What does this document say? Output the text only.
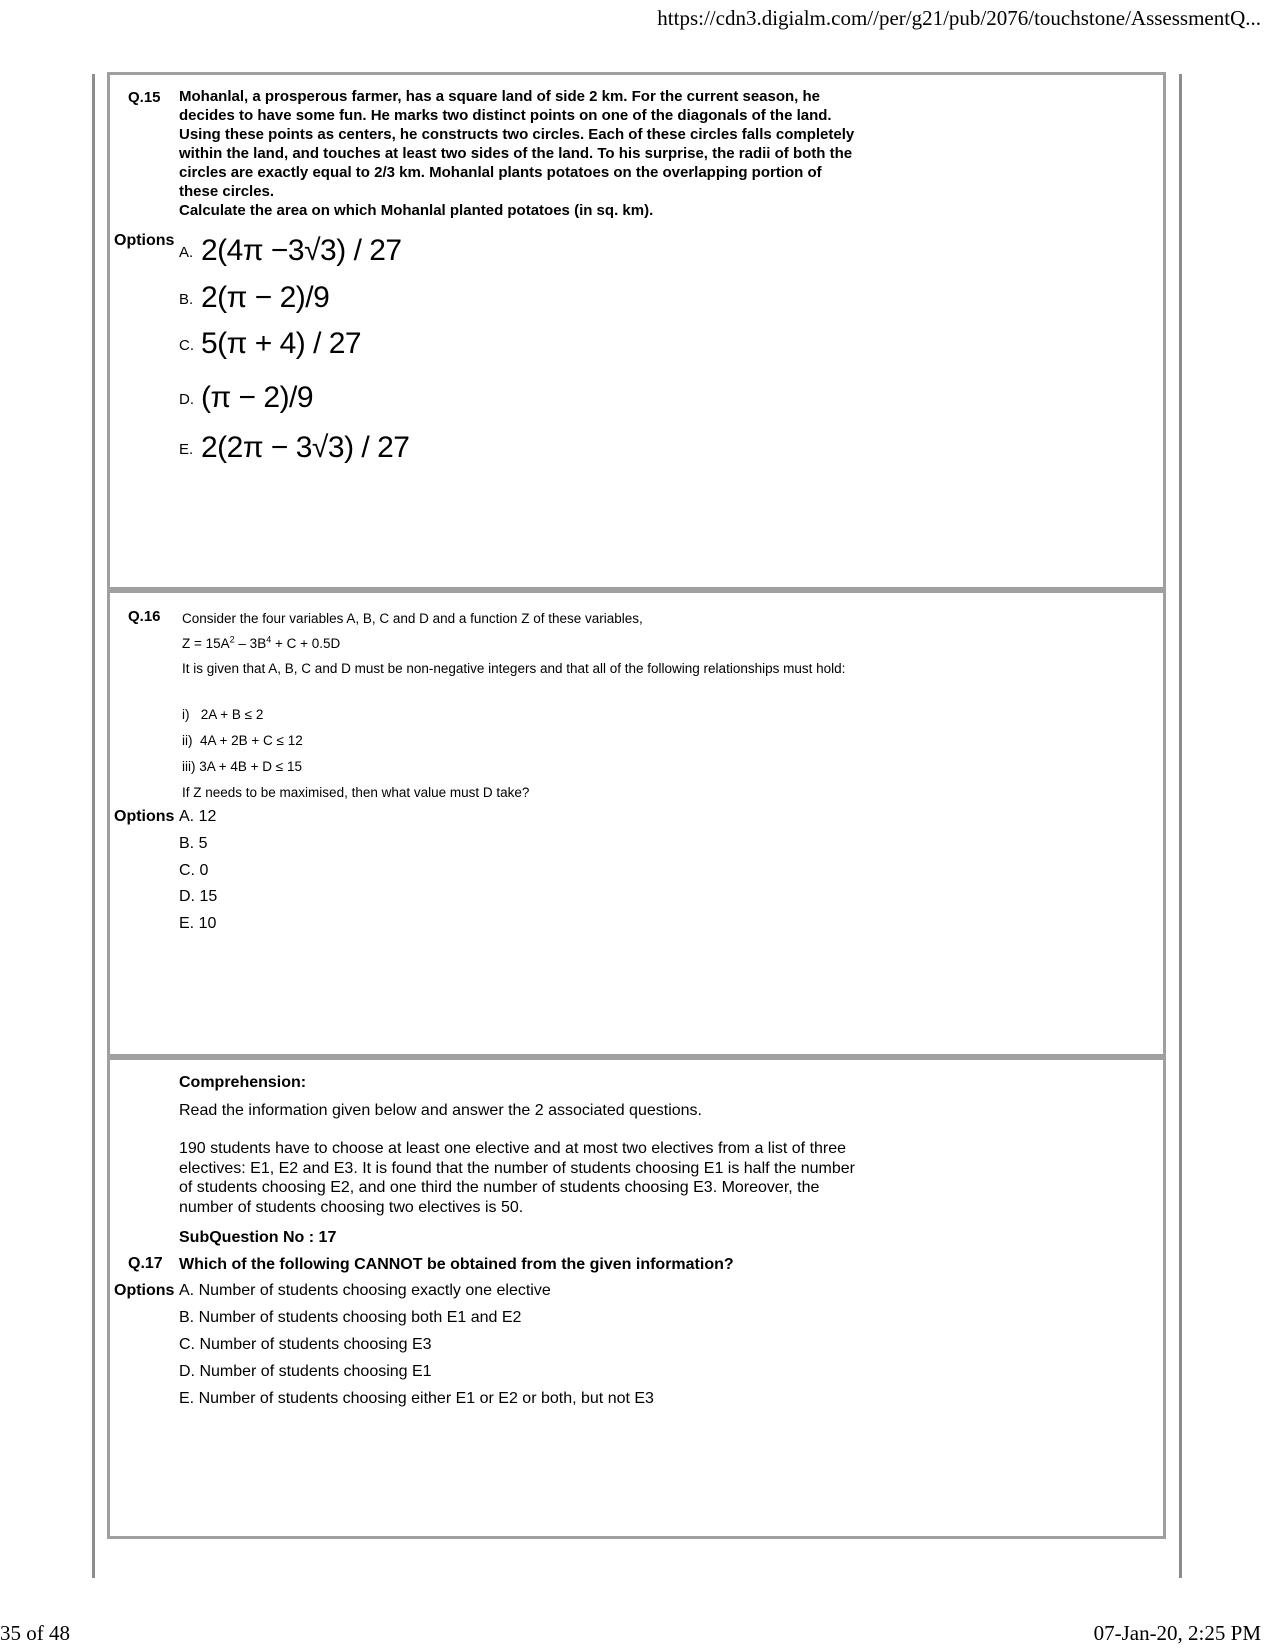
https://cdn3.digialm.com//per/g21/pub/2076/touchstone/AssessmentQ...
Q.15 Mohanlal, a prosperous farmer, has a square land of side 2 km. For the current season, he decides to have some fun. He marks two distinct points on one of the diagonals of the land. Using these points as centers, he constructs two circles. Each of these circles falls completely within the land, and touches at least two sides of the land. To his surprise, the radii of both the circles are exactly equal to 2/3 km. Mohanlal plants potatoes on the overlapping portion of these circles.
Calculate the area on which Mohanlal planted potatoes (in sq. km).
Options
A. 2(4π −3√3) / 27
B. 2(π − 2)/9
C. 5(π + 4) / 27
D. (π − 2)/9
E. 2(2π − 3√3) / 27
Q.16 Consider the four variables A, B, C and D and a function Z of these variables,
$Z = 15A^2 - 3B^4 + C + 0.5D$
It is given that A, B, C and D must be non-negative integers and that all of the following relationships must hold:
i)   2A + B ≤ 2
ii)  4A + 2B + C ≤ 12
iii) 3A + 4B + D ≤ 15
If Z needs to be maximised, then what value must D take?
Options A. 12
B. 5
C. 0
D. 15
E. 10
Comprehension:
Read the information given below and answer the 2 associated questions.
190 students have to choose at least one elective and at most two electives from a list of three electives: E1, E2 and E3. It is found that the number of students choosing E1 is half the number of students choosing E2, and one third the number of students choosing E3. Moreover, the number of students choosing two electives is 50.
SubQuestion No : 17
Q.17 Which of the following CANNOT be obtained from the given information?
Options A. Number of students choosing exactly one elective
B. Number of students choosing both E1 and E2
C. Number of students choosing E3
D. Number of students choosing E1
E. Number of students choosing either E1 or E2 or both, but not E3
35 of 48	07-Jan-20, 2:25 PM
